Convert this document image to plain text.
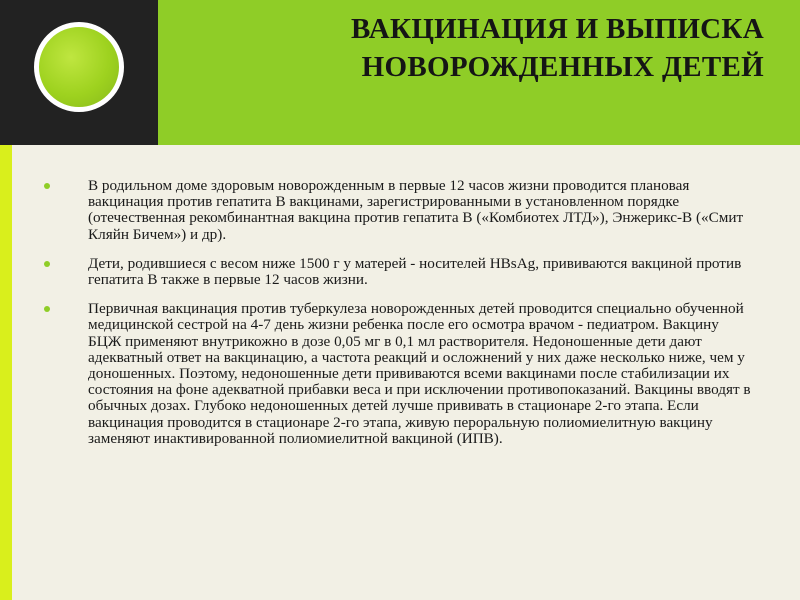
ВАКЦИНАЦИЯ И ВЫПИСКА
НОВОРОЖДЕННЫХ ДЕТЕЙ
В родильном доме здоровым новорожденным в первые 12 часов жизни проводится плановая вакцинация против гепатита В вакцинами, зарегистрированными в установленном порядке (отечественная рекомбинантная вакцина против гепатита В («Комбиотех ЛТД»), Энжерикс-В («Смит Кляйн Бичем») и др).
Дети, родившиеся с весом ниже 1500 г у матерей - носителей HBsAg, прививаются вакциной против гепатита В также в первые 12 часов жизни.
Первичная вакцинация против туберкулеза новорожденных детей проводится специально обученной медицинской сестрой на 4-7 день жизни ребенка после его осмотра врачом - педиатром. Вакцину БЦЖ применяют внутрикожно в дозе 0,05 мг в 0,1 мл растворителя. Недоношенные дети дают адекватный ответ на вакцинацию, а частота реакций и осложнений у них даже несколько ниже, чем у доношенных. Поэтому, недоношенные дети прививаются всеми вакцинами после стабилизации их состояния на фоне адекватной прибавки веса и при исключении противопоказаний. Вакцины вводят в обычных дозах. Глубоко недоношенных детей лучше прививать в стационаре 2-го этапа. Если вакцинация проводится в стационаре 2-го этапа, живую пероральную полиомиелитную вакцину заменяют инактивированной полиомиелитной вакциной (ИПВ).
